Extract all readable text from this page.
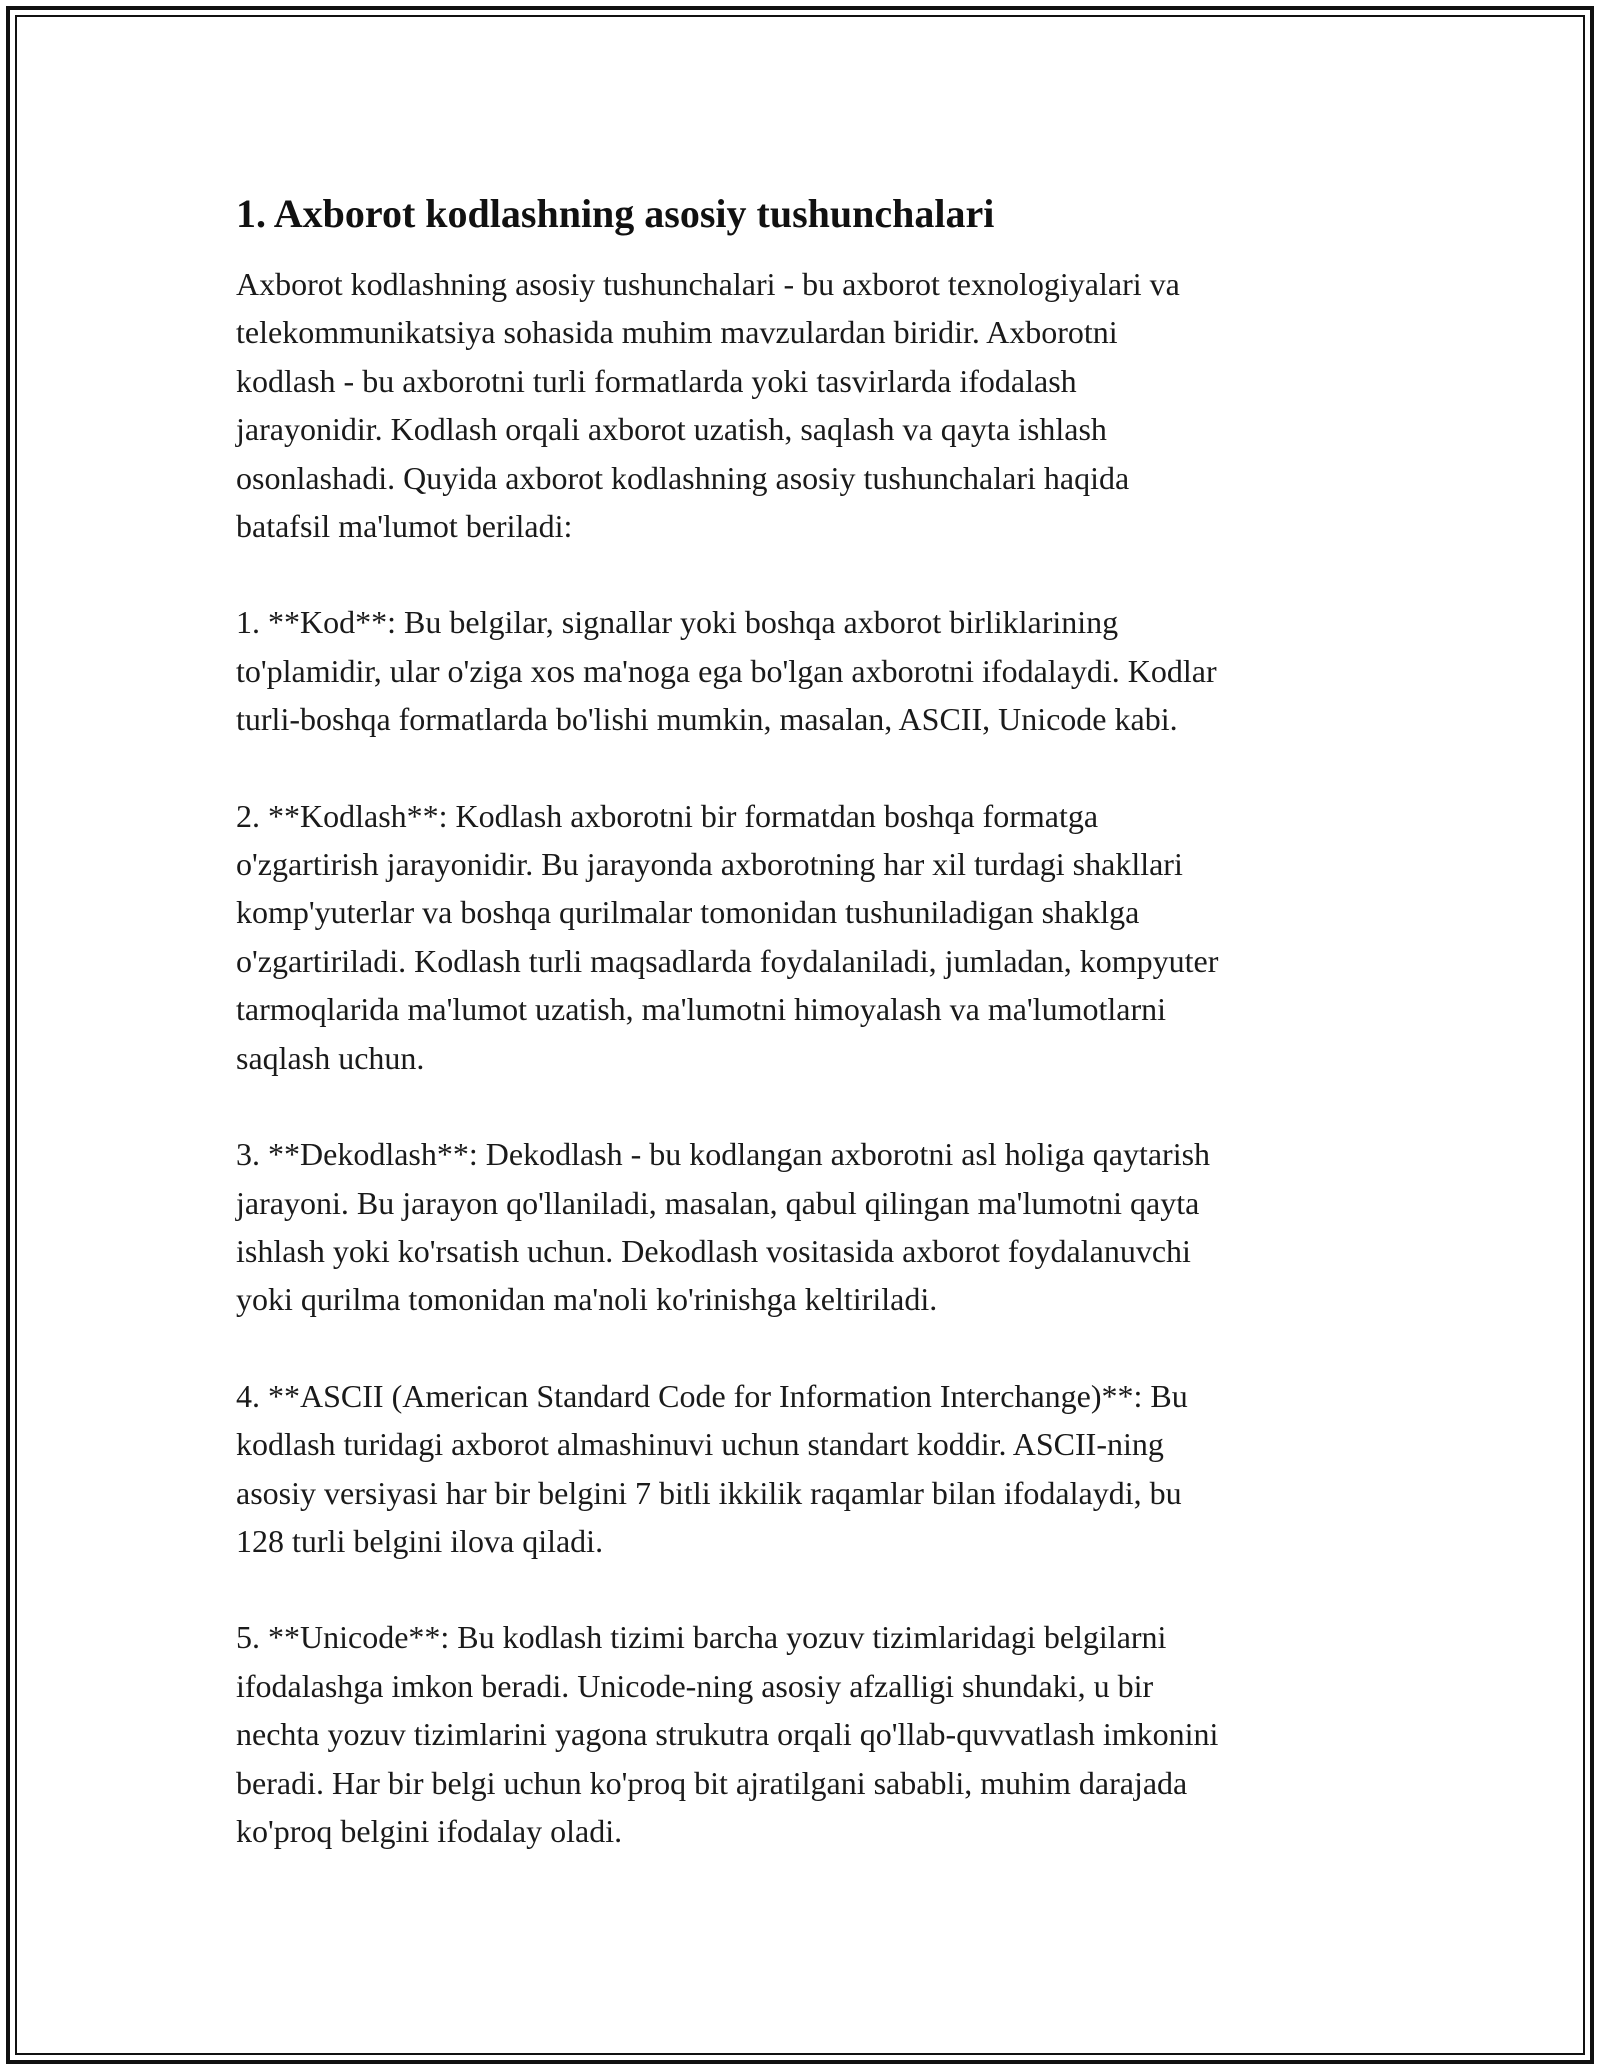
1. Axborot kodlashning asosiy tushunchalari

Axborot kodlashning asosiy tushunchalari - bu axborot texnologiyalari va
telekommunikatsiya sohasida muhim mavzulardan biridir. Axborotni
kodlash - bu axborotni turli formatlarda yoki tasvirlarda ifodalash
jarayonidir. Kodlash orqali axborot uzatish, saqlash va qayta ishlash
osonlashadi. Quyida axborot kodlashning asosiy tushunchalari haqida
batafsil ma'lumot beriladi:

1. **Kod**: Bu belgilar, signallar yoki boshqa axborot birliklarining
to'plamidir, ular o'ziga xos ma'noga ega bo'lgan axborotni ifodalaydi. Kodlar
turli-boshqa formatlarda bo'lishi mumkin, masalan, ASCII, Unicode kabi.

2. **Kodlash**: Kodlash axborotni bir formatdan boshqa formatga
o'zgartirish jarayonidir. Bu jarayonda axborotning har xil turdagi shakllari
komp'yuterlar va boshqa qurilmalar tomonidan tushuniladigan shaklga
o'zgartiriladi. Kodlash turli maqsadlarda foydalaniladi, jumladan, kompyuter
tarmoqlarida ma'lumot uzatish, ma'lumotni himoyalash va ma'lumotlarni
saqlash uchun.

3. **Dekodlash**: Dekodlash - bu kodlangan axborotni asl holiga qaytarish
jarayoni. Bu jarayon qo'llaniladi, masalan, qabul qilingan ma'lumotni qayta
ishlash yoki ko'rsatish uchun. Dekodlash vositasida axborot foydalanuvchi
yoki qurilma tomonidan ma'noli ko'rinishga keltiriladi.

4. **ASCII (American Standard Code for Information Interchange)**: Bu
kodlash turidagi axborot almashinuvi uchun standart koddir. ASCII-ning
asosiy versiyasi har bir belgini 7 bitli ikkilik raqamlar bilan ifodalaydi, bu
128 turli belgini ilova qiladi.

5. **Unicode**: Bu kodlash tizimi barcha yozuv tizimlaridagi belgilarni
ifodalashga imkon beradi. Unicode-ning asosiy afzalligi shundaki, u bir
nechta yozuv tizimlarini yagona strukutra orqali qo'llab-quvvatlash imkonini
beradi. Har bir belgi uchun ko'proq bit ajratilgani sababli, muhim darajada
ko'proq belgini ifodalay oladi.
